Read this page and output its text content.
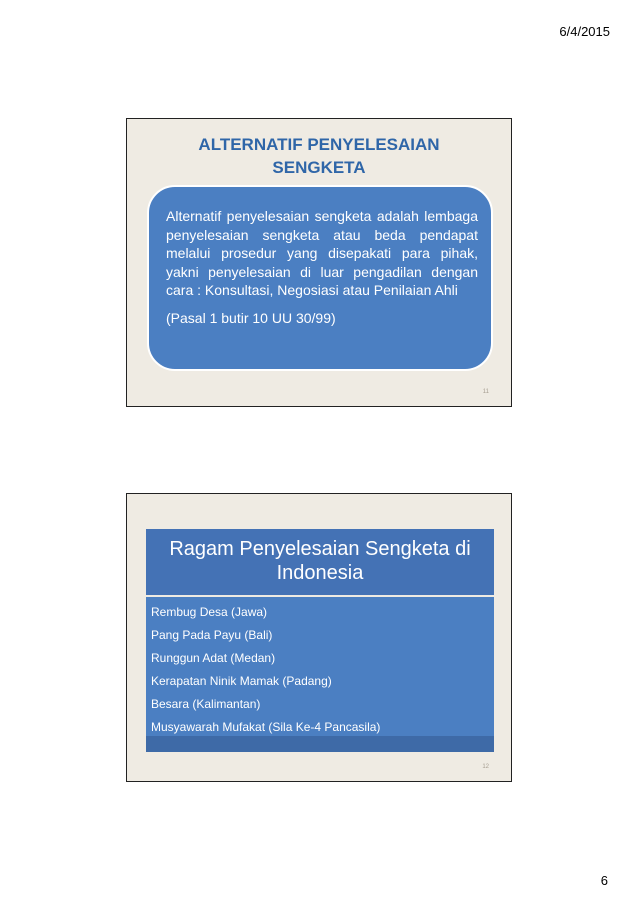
6/4/2015
ALTERNATIF PENYELESAIAN
SENGKETA
Alternatif penyelesaian sengketa adalah lembaga penyelesaian sengketa atau beda pendapat melalui prosedur yang disepakati para pihak, yakni penyelesaian di luar pengadilan dengan cara : Konsultasi, Negosiasi atau Penilaian Ahli
(Pasal 1 butir 10 UU 30/99)
11
Ragam Penyelesaian Sengketa di
Indonesia
Rembug Desa (Jawa)
Pang Pada Payu (Bali)
Runggun Adat (Medan)
Kerapatan Ninik Mamak (Padang)
Besara (Kalimantan)
Musyawarah Mufakat (Sila Ke-4 Pancasila)
12
6
